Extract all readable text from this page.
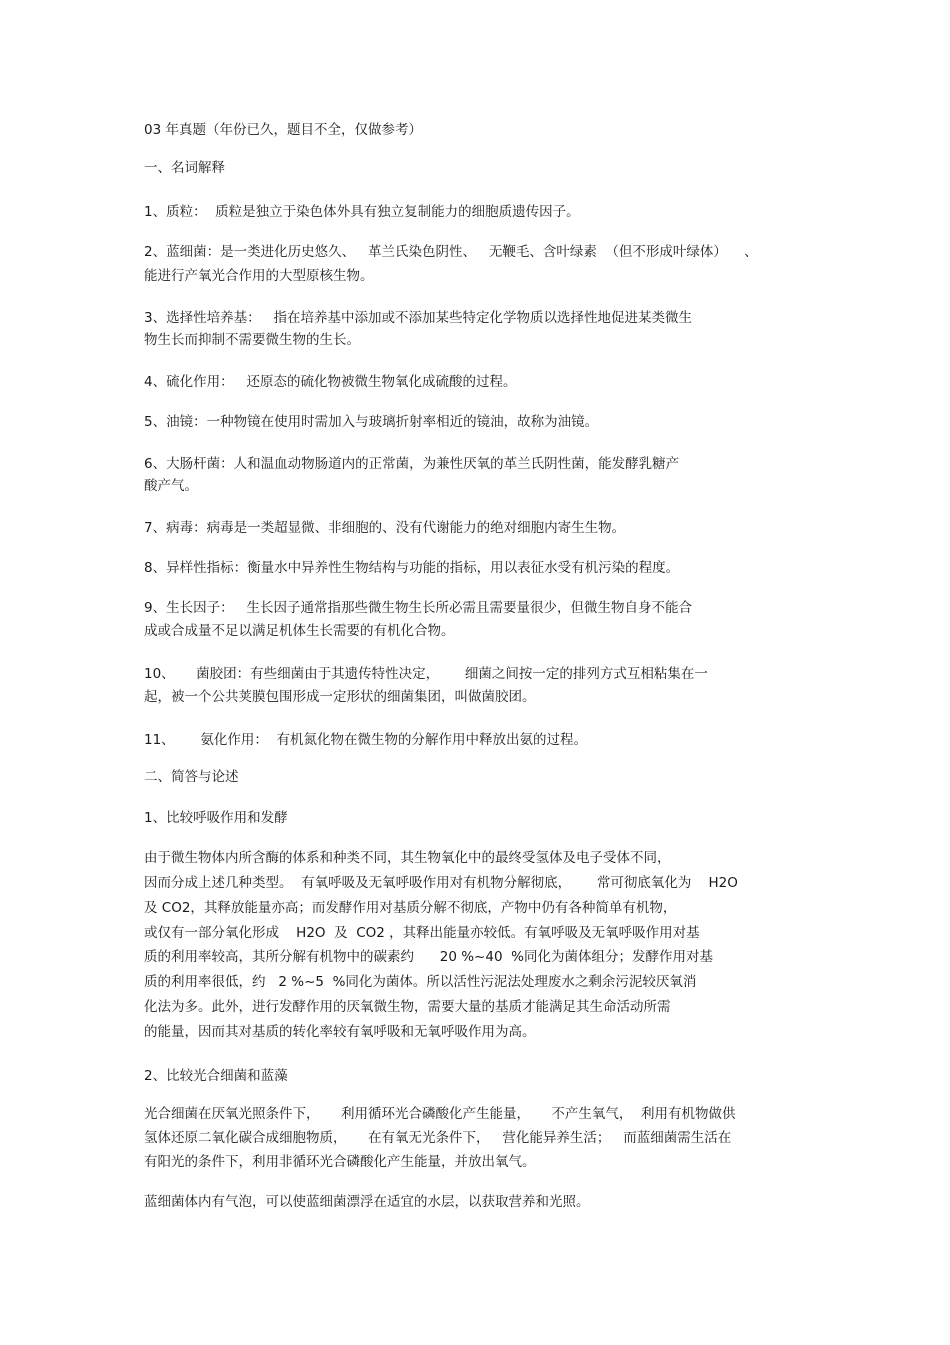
03 年真题（年份已久，题目不全，仅做参考）
一、名词解释
1、质粒：  质粒是独立于染色体外具有独立复制能力的细胞质遗传因子。
2、蓝细菌：是一类进化历史悠久、   革兰氏染色阴性、   无鞭毛、含叶绿素  （但不形成叶绿体）    、
能进行产氧光合作用的大型原核生物。
3、选择性培养基：   指在培养基中添加或不添加某些特定化学物质以选择性地促进某类微生
物生长而抑制不需要微生物的生长。
4、硫化作用：   还原态的硫化物被微生物氧化成硫酸的过程。
5、油镜：一种物镜在使用时需加入与玻璃折射率相近的镜油，故称为油镜。
6、大肠杆菌：人和温血动物肠道内的正常菌，为兼性厌氧的革兰氏阴性菌，能发酵乳糖产
酸产气。
7、病毒：病毒是一类超显微、非细胞的、没有代谢能力的绝对细胞内寄生生物。
8、异样性指标：衡量水中异养性生物结构与功能的指标，用以表征水受有机污染的程度。
9、生长因子：   生长因子通常指那些微生物生长所必需且需要量很少，但微生物自身不能合
成或合成量不足以满足机体生长需要的有机化合物。
10、     菌胶团：有些细菌由于其遗传特性决定，      细菌之间按一定的排列方式互相粘集在一
起，被一个公共荚膜包围形成一定形状的细菌集团，叫做菌胶团。
11、      氨化作用：  有机氮化物在微生物的分解作用中释放出氨的过程。
二、简答与论述
1、比较呼吸作用和发酵
由于微生物体内所含酶的体系和种类不同，其生物氧化中的最终受氢体及电子受体不同，
因而分成上述几种类型。  有氧呼吸及无氧呼吸作用对有机物分解彻底，      常可彻底氧化为    H2O
及 CO2，其释放能量亦高；而发酵作用对基质分解不彻底，产物中仍有各种简单有机物，
或仅有一部分氧化形成    H2O  及  CO2 ，其释出能量亦较低。有氧呼吸及无氧呼吸作用对基
质的利用率较高，其所分解有机物中的碳素约      20 %~40  %同化为菌体组分；发酵作用对基
质的利用率很低，约   2 %~5  %同化为菌体。所以活性污泥法处理废水之剩余污泥较厌氧消
化法为多。此外，进行发酵作用的厌氧微生物，需要大量的基质才能满足其生命活动所需
的能量，因而其对基质的转化率较有氧呼吸和无氧呼吸作用为高。
2、比较光合细菌和蓝藻
光合细菌在厌氧光照条件下，     利用循环光合磷酸化产生能量，     不产生氧气，  利用有机物做供
氢体还原二氧化碳合成细胞物质，     在有氧无光条件下，   营化能异养生活；   而蓝细菌需生活在
有阳光的条件下，利用非循环光合磷酸化产生能量，并放出氧气。
蓝细菌体内有气泡，可以使蓝细菌漂浮在适宜的水层，以获取营养和光照。
